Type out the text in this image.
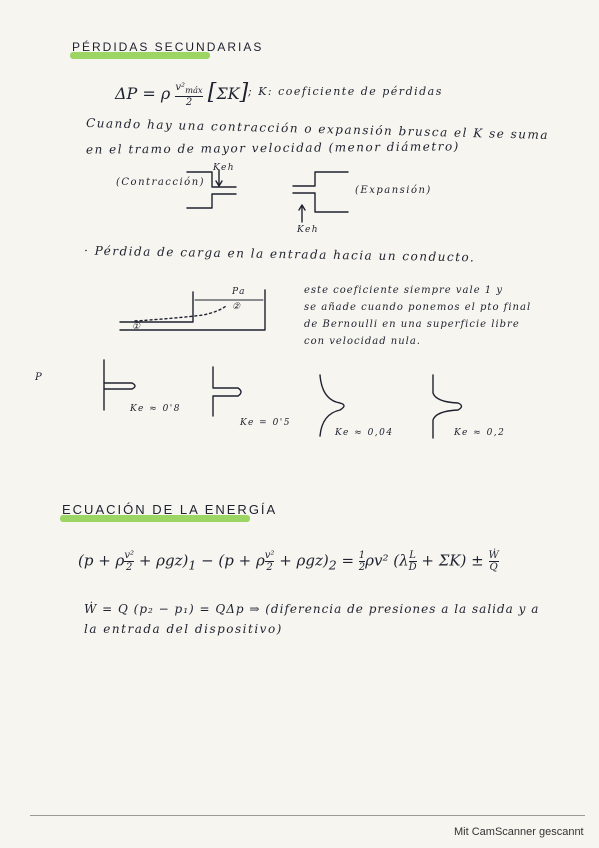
PÉRDIDAS SECUNDARIAS
ΔP = ρ $v^2_{máx}$
2 [ΣK] ; K: coeficiente de pérdidas
Cuando hay una contracción o expansión brusca el K se suma
en el tramo de mayor velocidad (menor diámetro)
(Contracción)
Keh
(Expansión)
Keh
· Pérdida de carga en la entrada hacia un conducto.
Pa
①
②
este coeficiente siempre vale 1 y
se añade cuando ponemos el pto final
de Bernoulli en una superficie libre
con velocidad nula.
P
Ke ≈ 0'8
Ke = 0'5
Ke ≈ 0,04	Ke ≈ 0,2
ECUACIÓN DE LA ENERGÍA
(p + ρ $\frac{\text{v²}}{2} + \rho gz)_1 - (p + \rho \frac{\text{v²}}{2} + \rho gz)_2 = \frac{1}{2} \rho v^2$ $(\lambda \frac{L}{D} + \Sigma K) \pm \frac{\text{Ẇ}}{Q}$
Ẇ = Q (p₂ − p₁) = QΔp ⇒ (diferencia de presiones a la salida y a
la entrada del dispositivo)
Mit CamScanner gescannt
